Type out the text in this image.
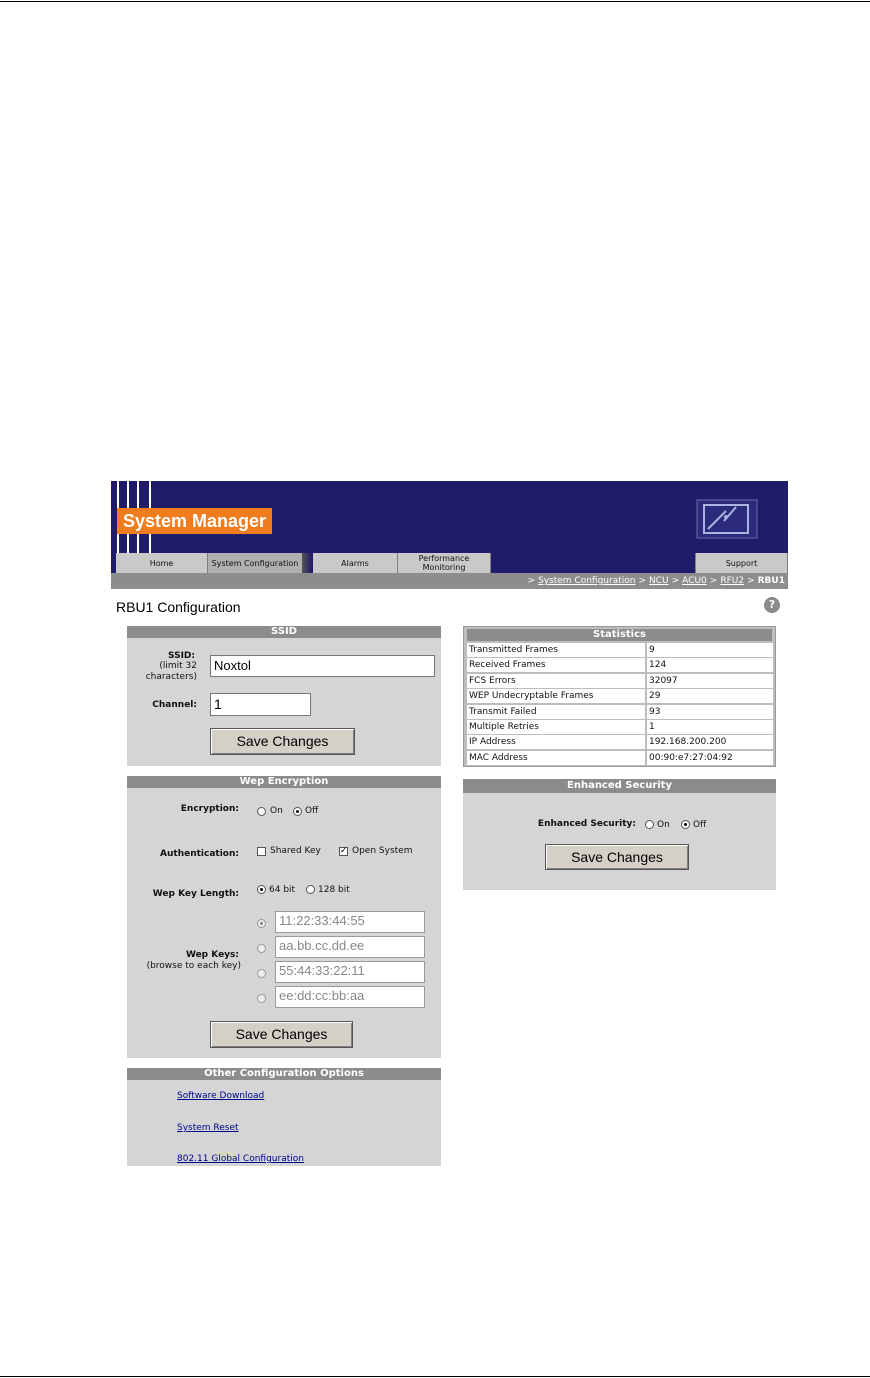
System Manager
Home	System Configuration	Alarms	Performance Monitoring	Support
> System Configuration > NCU > ACU0 > RFU2 > RBU1
RBU1 Configuration	?
SSID
SSID:
(limit 32 characters)
Noxtol
Channel: 1
Save Changes
Wep Encryption
Encryption:	On Off
Authentication:	Shared Key ✓ Open System
Wep Key Length:	64 bit	128 bit
Wep Keys:
(browse to each key)
11:22:33:44:55
aa.bb.cc.dd.ee
55:44:33:22:11
ee:dd:cc:bb:aa
Save Changes
Other Configuration Options
Software Download
System Reset
802.11 Global Configuration
Statistics
Transmitted Frames	9
Received Frames	124
FCS Errors	32097
WEP Undecryptable Frames	29
Transmit Failed	93
Multiple Retries	1
IP Address	192.168.200.200
MAC Address	00:90:e7:27:04:92
Enhanced Security
Enhanced Security: On	Off
Save Changes
